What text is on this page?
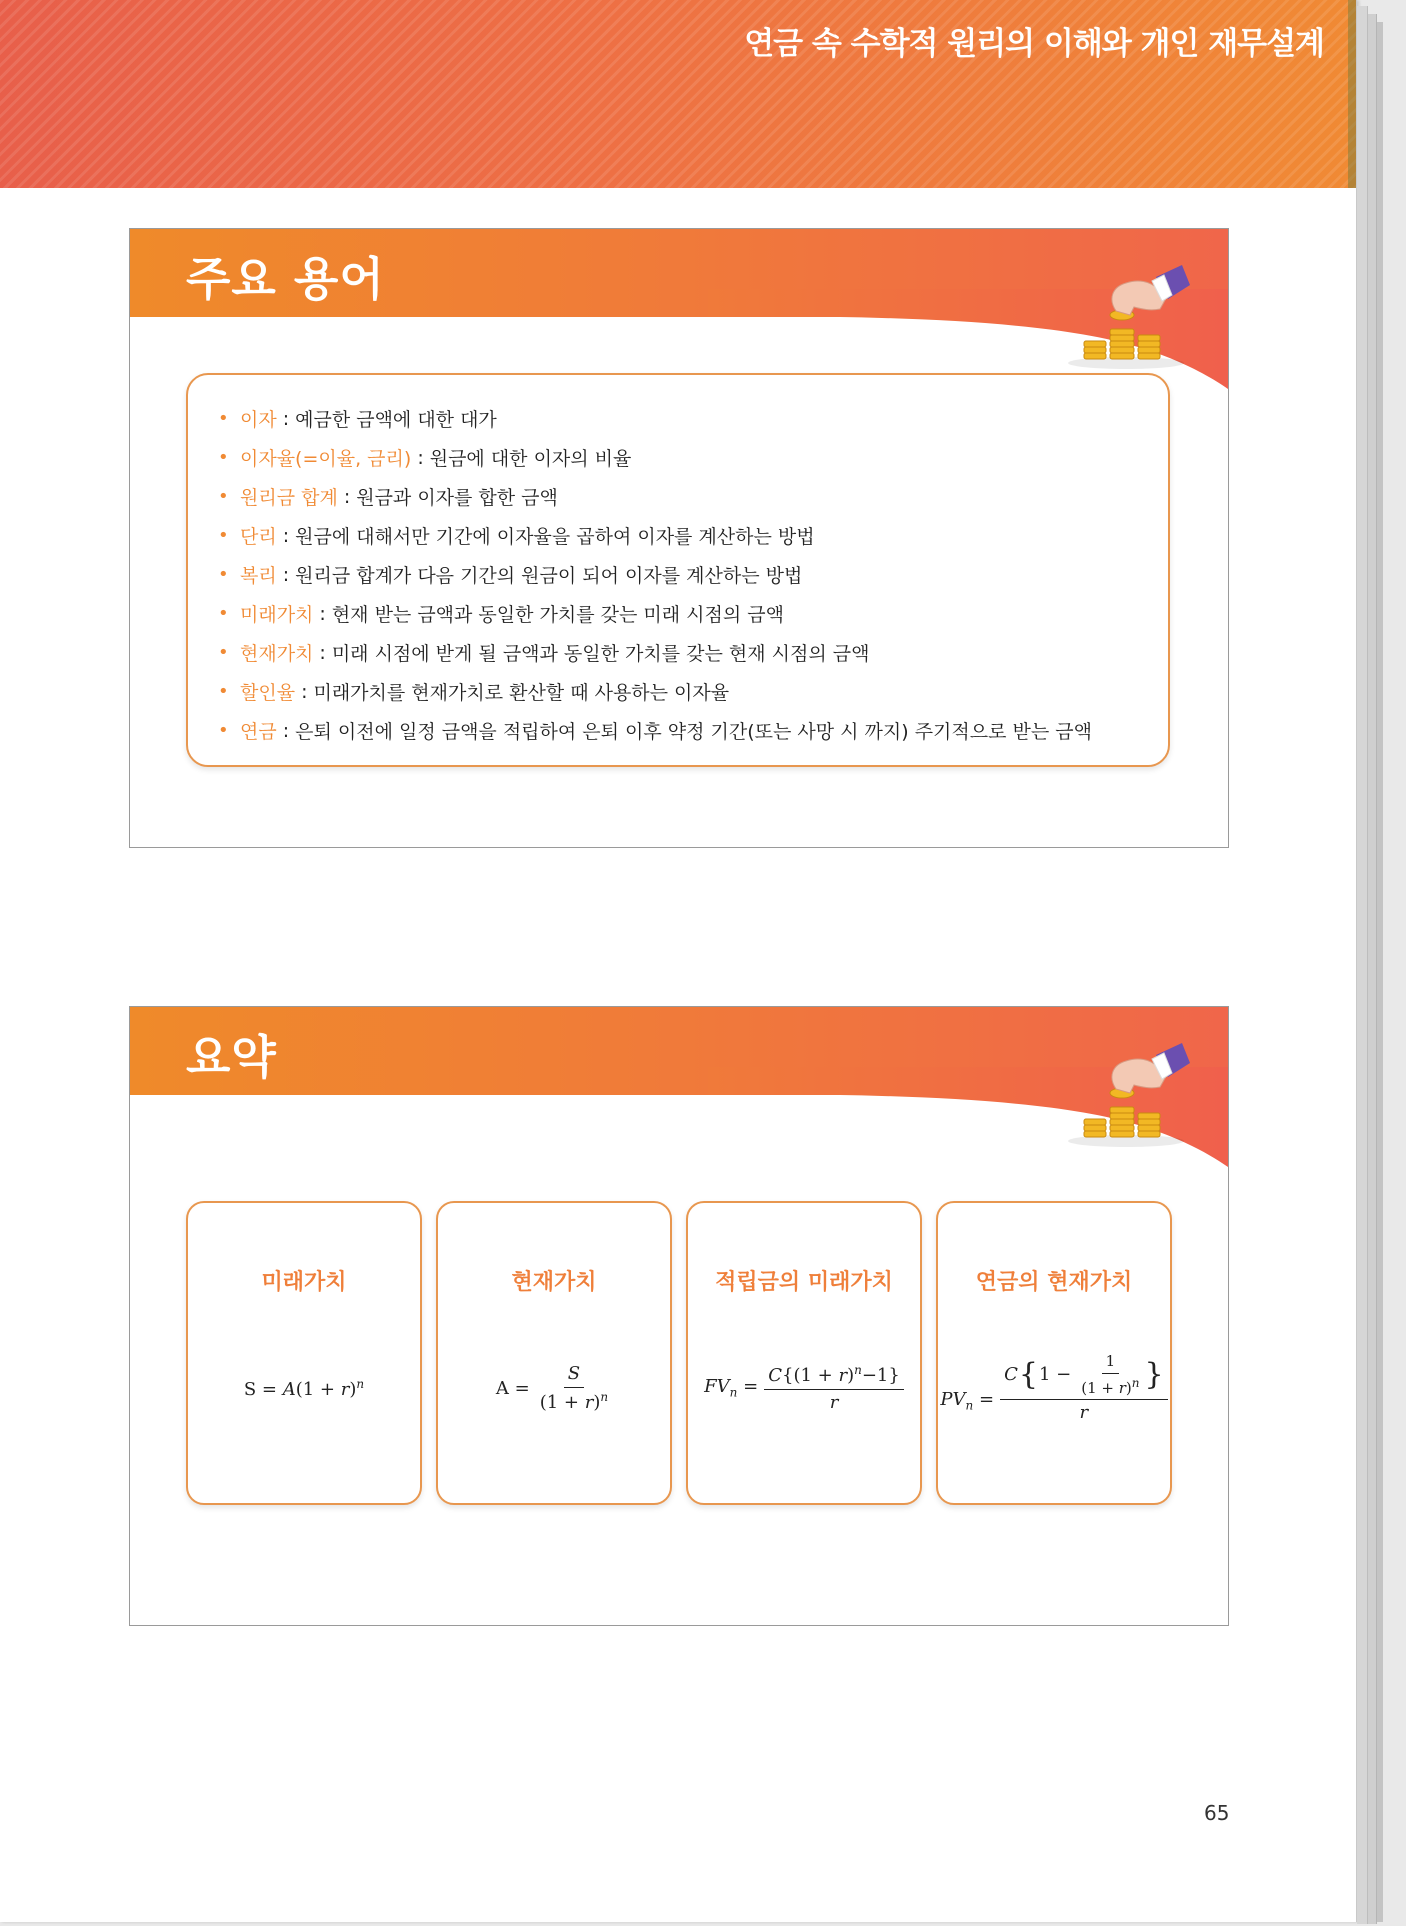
연금 속 수학적 원리의 이해와 개인 재무설계
주요 용어
• 이자 : 예금한 금액에 대한 대가
• 이자율(=이율, 금리) : 원금에 대한 이자의 비율
• 원리금 합계 : 원금과 이자를 합한 금액
• 단리 : 원금에 대해서만 기간에 이자율을 곱하여 이자를 계산하는 방법
• 복리 : 원리금 합계가 다음 기간의 원금이 되어 이자를 계산하는 방법
• 미래가치 : 현재 받는 금액과 동일한 가치를 갖는 미래 시점의 금액
• 현재가치 : 미래 시점에 받게 될 금액과 동일한 가치를 갖는 현재 시점의 금액
• 할인율 : 미래가치를 현재가치로 환산할 때 사용하는 이자율
• 연금 : 은퇴 이전에 일정 금액을 적립하여 은퇴 이후 약정 기간(또는 사망 시 까지) 주기적으로 받는 금액
요약
미래가치
$S = A(1 + r)^n$
현재가치
$A = \frac{S}{(1 + r)^n}$
적립금의 미래가치
$FV_n = \frac{C\{(1 + r)^n-1\}}{r}$
연금의 현재가치
$PV_n = \frac{C \{ 1 - \frac{1}{(1 + r)^n} \}}{r}$
65
